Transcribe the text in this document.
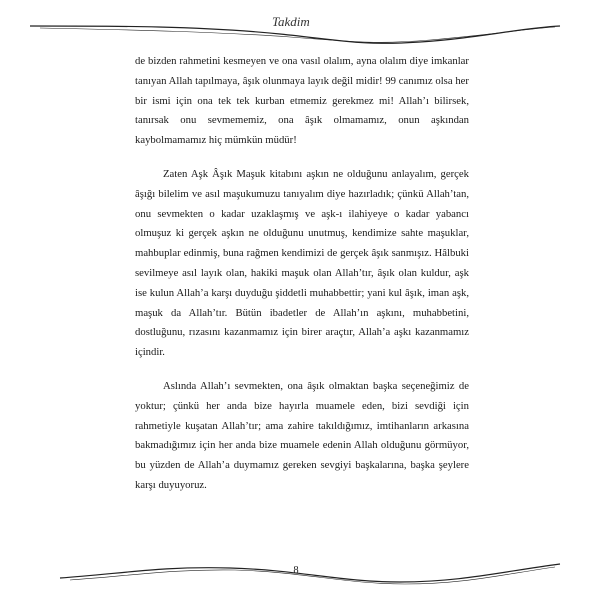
Takdim

de bizden rahmetini kesmeyen ve ona vasıl olalım, ayna olalım diye imkanlar tanıyan Allah tapılmaya, âşık olunmaya layık değil midir! 99 canımız olsa her bir ismi için ona tek tek kurban etmemiz gerekmez mi! Allah’ı bilirsek, tanırsak onu sevmememiz, ona âşık olmamamız, onun aşkından kaybolmamamız hiç mümkün müdür!

Zaten Aşk Âşık Maşuk kitabını aşkın ne olduğunu anlayalım, gerçek âşığı bilelim ve asıl maşukumuzu tanıyalım diye hazırladık; çünkü Allah’tan, onu sevmekten o kadar uzaklaşmış ve aşk-ı ilahiyeye o kadar yabancı olmuşuz ki gerçek aşkın ne olduğunu unutmuş, kendimize sahte maşuklar, mahbuplar edinmiş, buna rağmen kendimizi de gerçek âşık sanmışız. Hâlbuki sevilmeye asıl layık olan, hakiki maşuk olan Allah’tır, âşık olan kuldur, aşk ise kulun Allah’a karşı duyduğu şiddetli muhabbettir; yani kul âşık, iman aşk, maşuk da Allah’tır. Bütün ibadetler de Allah’ın aşkını, muhabbetini, dostluğunu, rızasını kazanmamız için birer araçtır, Allah’a aşkı kazanmamız içindir.

Aslında Allah’ı sevmekten, ona âşık olmaktan başka seçeneğimiz de yoktur; çünkü her anda bize hayırla muamele eden, bizi sevdiği için rahmetiyle kuşatan Allah’tır; ama zahire takıldığımız, imtihanların arkasına bakmadığımız için her anda bize muamele edenin Allah olduğunu görmüyor, bu yüzden de Allah’a duymamız gereken sevgiyi başkalarına, başka şeylere karşı duyuyoruz.

8
